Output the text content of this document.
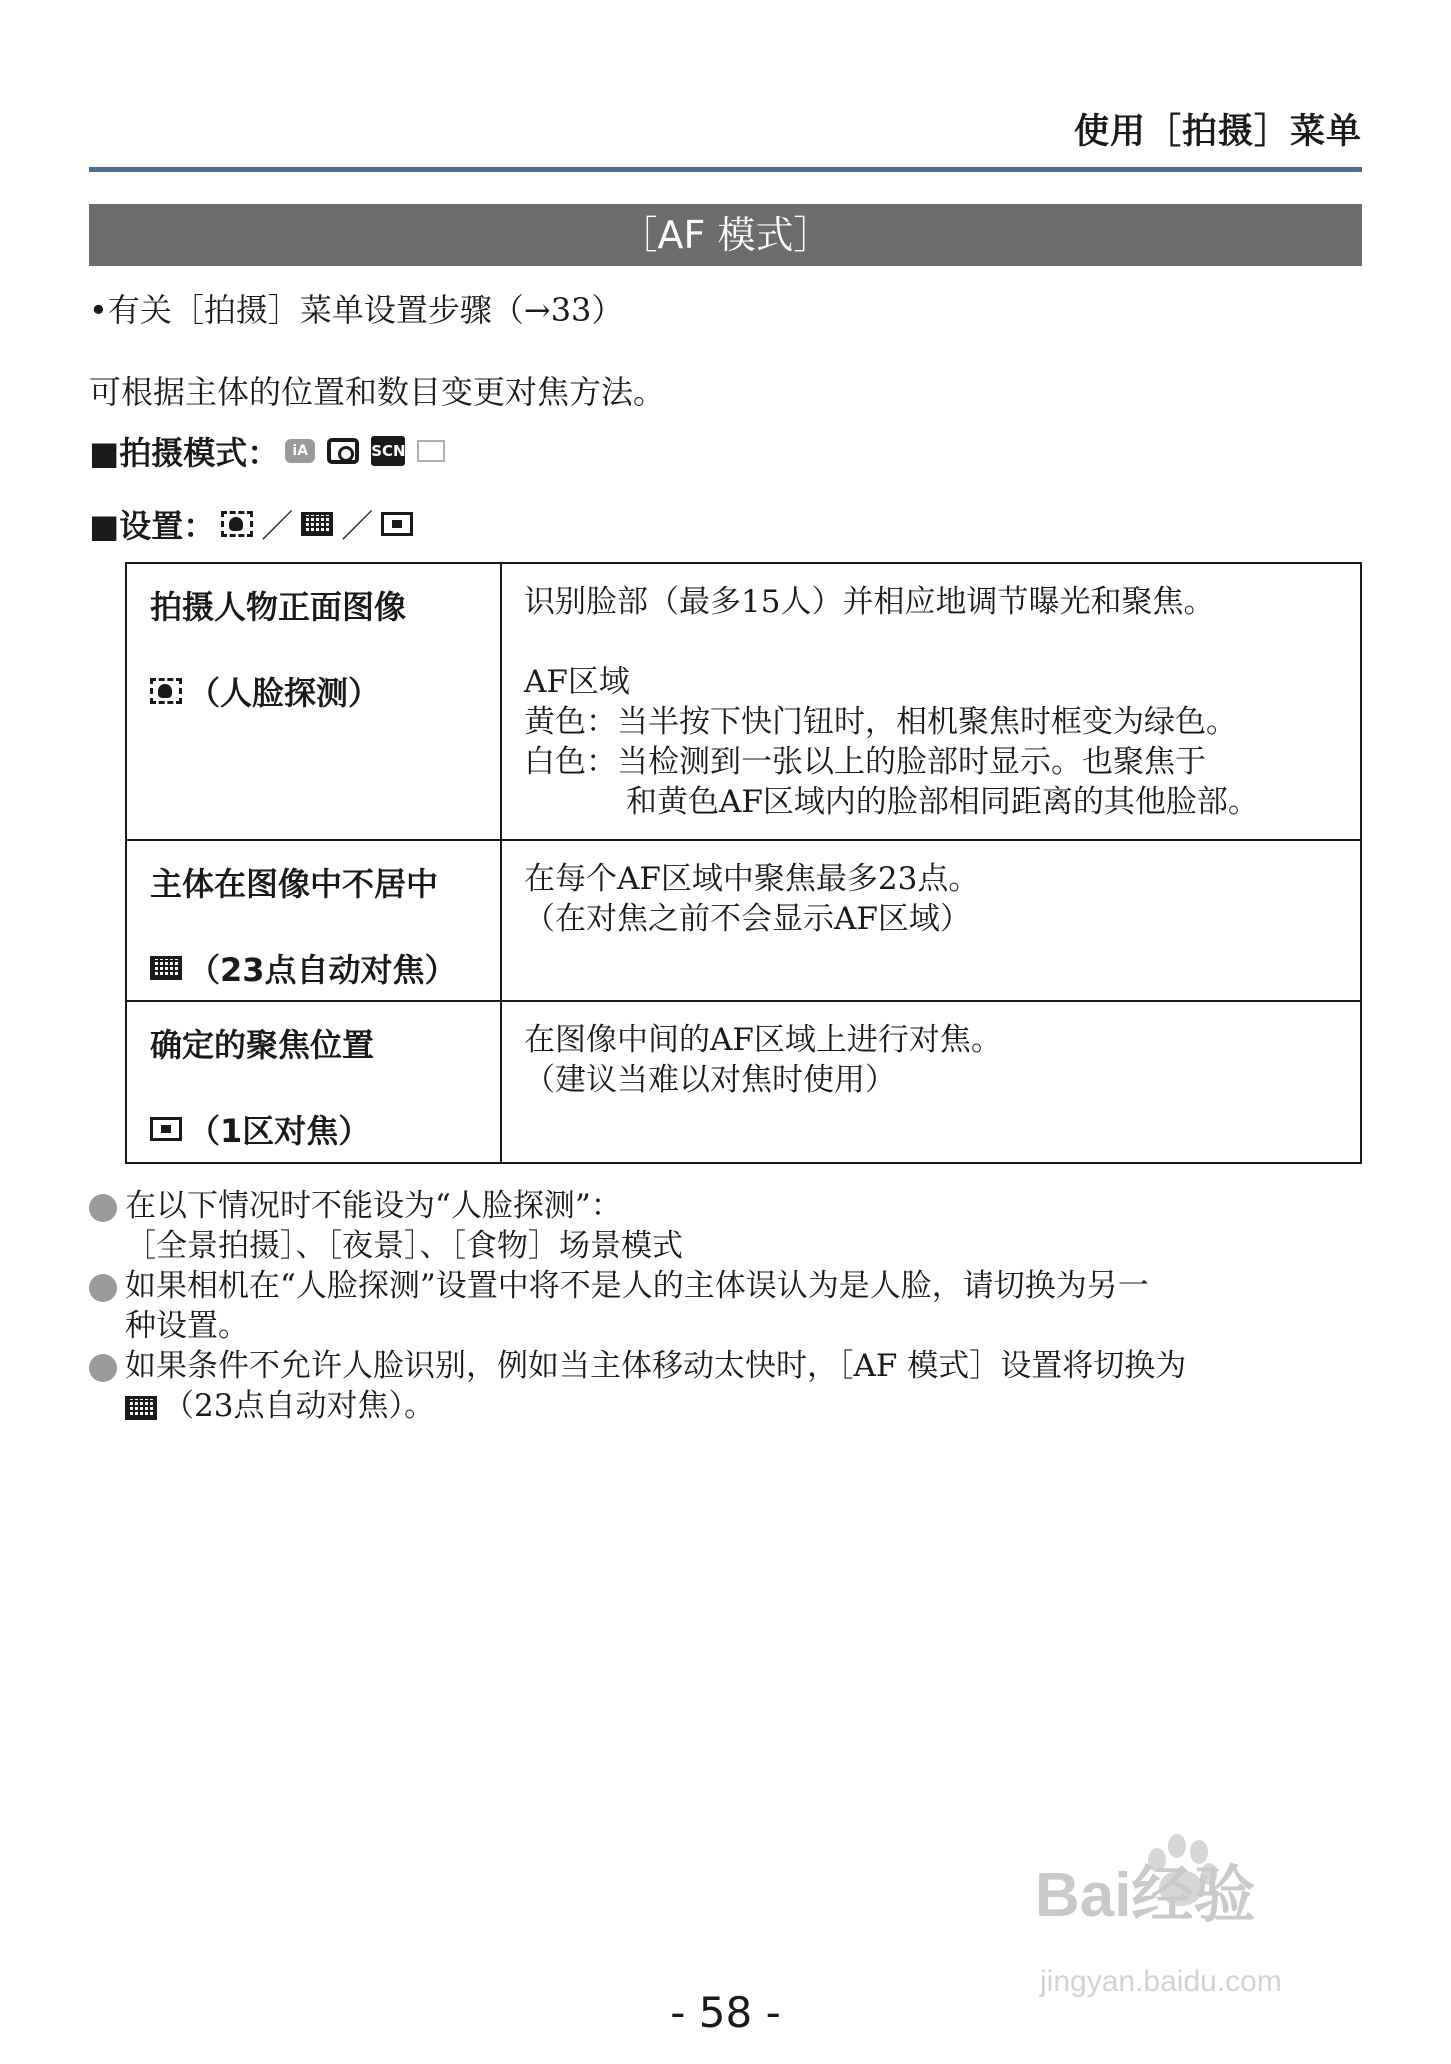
使用［拍摄］菜单
［AF 模式］
•有关［拍摄］菜单设置步骤（→33）
可根据主体的位置和数目变更对焦方法。
■拍摄模式： iA	SCN
■设置： ／ ／
拍摄人物正面图像
（人脸探测）	识别脸部（最多15人）并相应地调节曝光和聚焦。
AF区域
黄色：当半按下快门钮时，相机聚焦时框变为绿色。
白色：当检测到一张以上的脸部时显示。也聚焦于
和黄色AF区域内的脸部相同距离的其他脸部。

主体在图像中不居中
（23点自动对焦）	在每个AF区域中聚焦最多23点。
（在对焦之前不会显示AF区域）

确定的聚焦位置
（1区对焦）	在图像中间的AF区域上进行对焦。
（建议当难以对焦时使用）
在以下情况时不能设为“人脸探测”：
［全景拍摄］、［夜景］、［食物］场景模式
如果相机在“人脸探测”设置中将不是人的主体误认为是人脸，请切换为另一
种设置。
如果条件不允许人脸识别，例如当主体移动太快时，［AF 模式］设置将切换为
（23点自动对焦）。
Bai经验
jingyan.baidu.com
- 58 -
